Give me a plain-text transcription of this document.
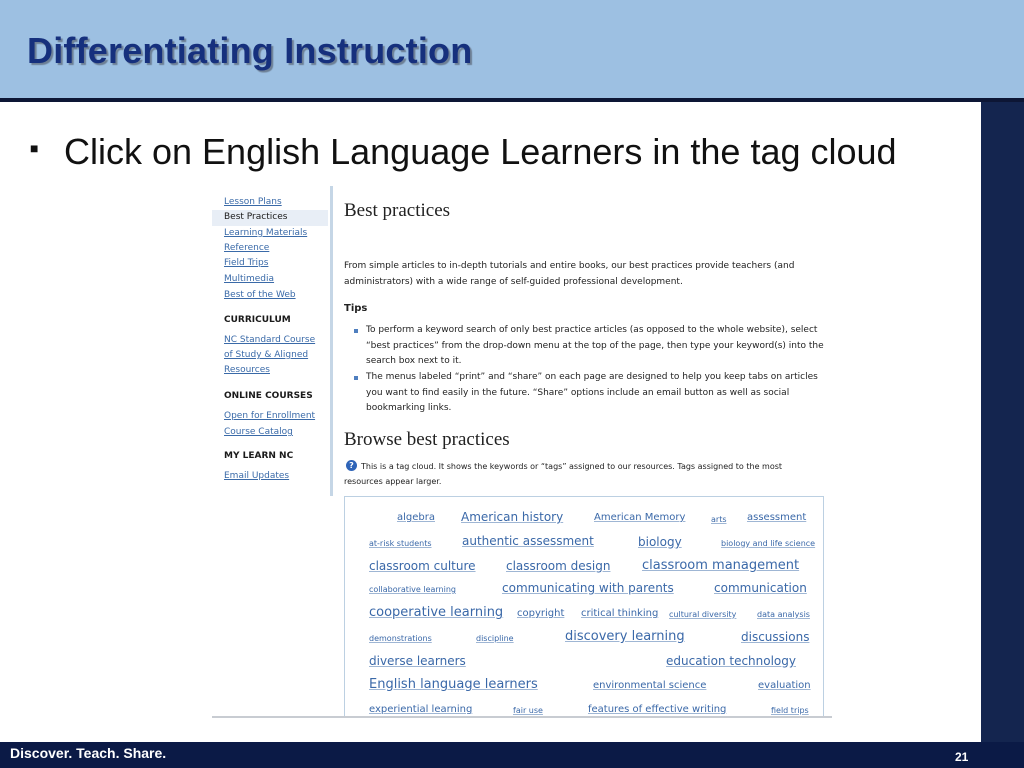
Differentiating Instruction
■ Click on English Language Learners in the tag cloud
Lesson Plans
Best Practices
Learning Materials
Reference
Field Trips
Multimedia
Best of the Web
CURRICULUM
NC Standard Course
of Study & Aligned
Resources
ONLINE COURSES
Open for Enrollment
Course Catalog
MY LEARN NC
Email Updates
Best practices
From simple articles to in-depth tutorials and entire books, our best practices provide teachers (and administrators) with a wide range of self-guided professional development.
Tips
To perform a keyword search of only best practice articles (as opposed to the whole website), select “best practices” from the drop-down menu at the top of the page, then type your keyword(s) into the search box next to it.
The menus labeled “print” and “share” on each page are designed to help you keep tabs on articles you want to find easily in the future. “Share” options include an email button as well as social bookmarking links.
Browse best practices
? This is a tag cloud. It shows the keywords or “tags” assigned to our resources. Tags assigned to the most resources appear larger.
algebra American history	American Memory	arts assessment
at-risk students	authentic assessment	biology	biology and life science
classroom culture	classroom design classroom management
collaborative learning	communicating with parents	communication
cooperative learning copyright critical thinking cultural diversity	data analysis
demonstrations	discipline	discovery learning	discussions
diverse learners	education technology
English language learners	environmental science	evaluation
experiential learning	fair use	features of effective writing	field trips
Discover. Teach. Share.	21
